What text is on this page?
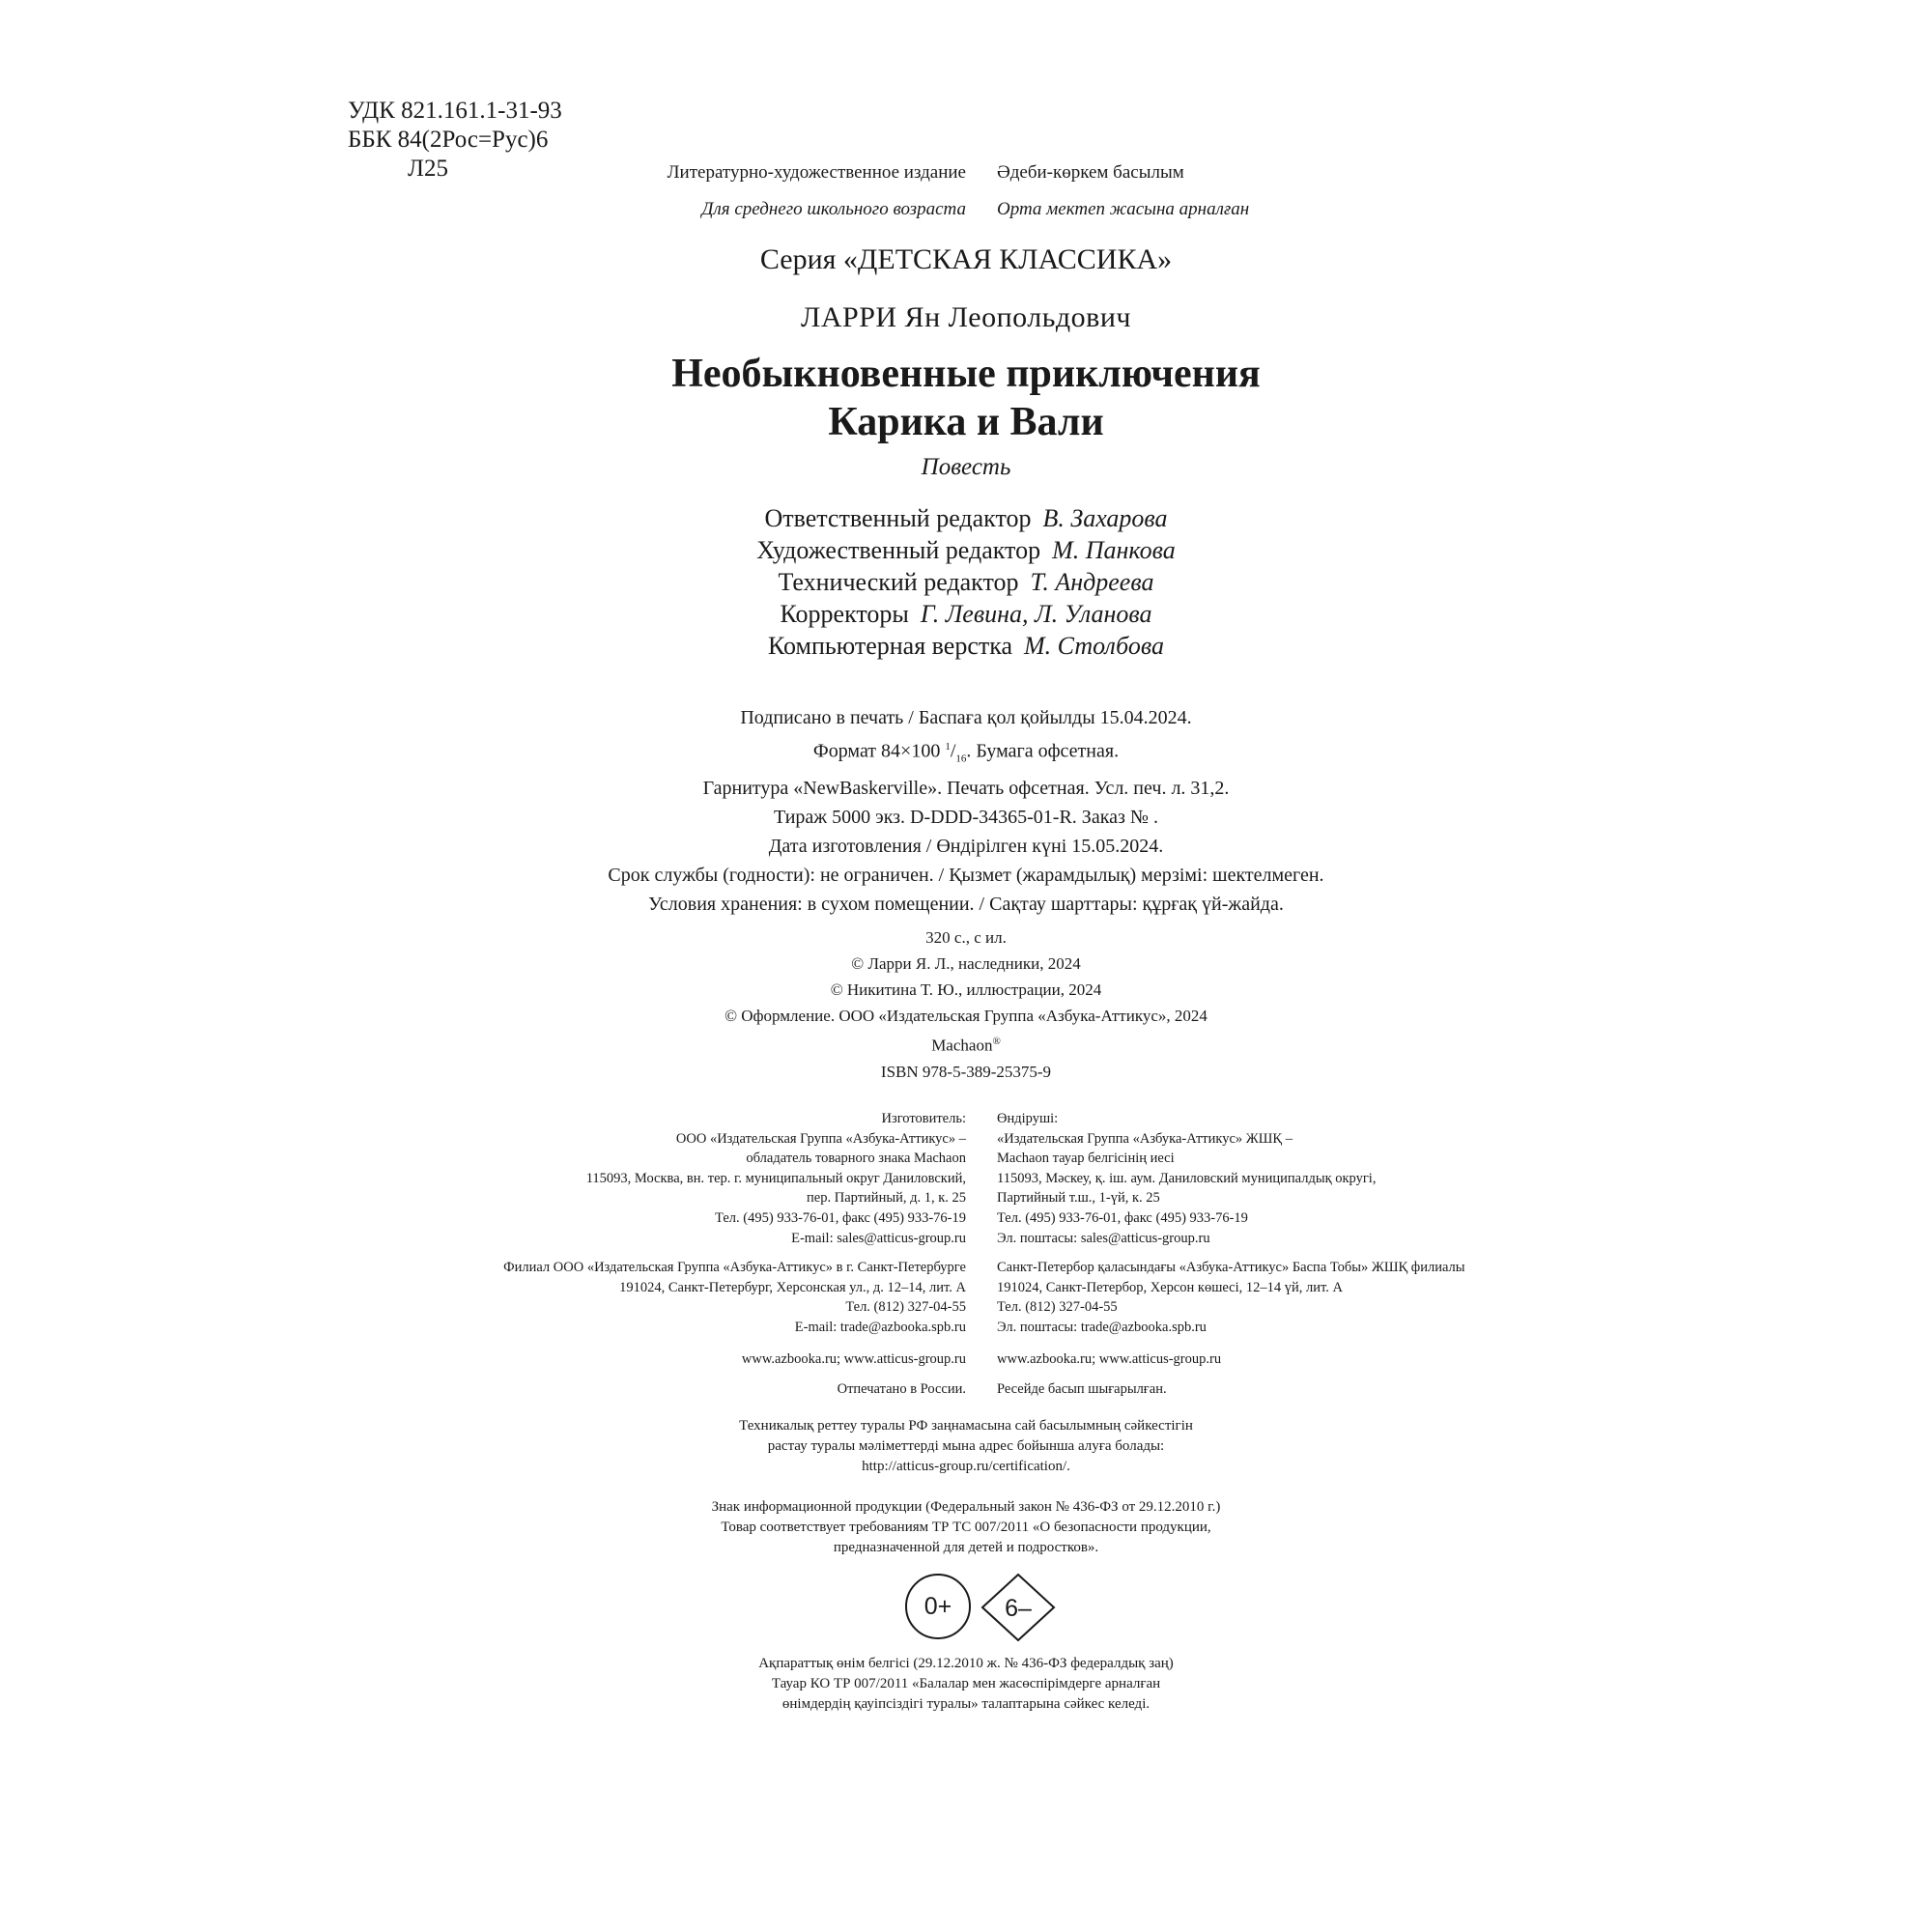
УДК 821.161.1-31-93
ББК 84(2Рос=Рус)6
Л25	Литературно-художественное издание Әдеби-көркем басылым
Для среднего школьного возраста Орта мектеп жасына арналған
Серия «ДЕТСКАЯ КЛАССИКА»
ЛАРРИ Ян Леопольдович
Необыкновенные приключения
Карика и Вали
Повесть
Ответственный редактор В. Захарова
Художественный редактор М. Панкова
Технический редактор Т. Андреева
Корректоры Г. Левина, Л. Уланова
Компьютерная верстка М. Столбова
Подписано в печать / Баспаға қол қойылды 15.04.2024.
Формат 84×100 $^1/_{16}$. Бумага офсетная.
Гарнитура «NewBaskerville». Печать офсетная. Усл. печ. л. 31,2.
Тираж 5000 экз. D-DDD-34365-01-R. Заказ № .
Дата изготовления / Өндірілген күні 15.05.2024.
Срок службы (годности): не ограничен. / Қызмет (жарамдылық) мерзімі: шектелмеген.
Условия хранения: в сухом помещении. / Сақтау шарттары: құрғақ үй-жайда.
320 с., с ил.
© Ларри Я. Л., наследники, 2024
© Никитина Т. Ю., иллюстрации, 2024
© Оформление. ООО «Издательская Группа «Азбука-Аттикус», 2024
Machaon®
ISBN 978-5-389-25375-9
Изготовитель:
ООО «Издательская Группа «Азбука-Аттикус» –
обладатель товарного знака Machaon
115093, Москва, вн. тер. г. муниципальный округ Даниловский,
пер. Партийный, д. 1, к. 25
Тел. (495) 933-76-01, факс (495) 933-76-19
E-mail: sales@atticus-group.ru
Өндіруші:
«Издательская Группа «Азбука-Аттикус» ЖШҚ –
Machaon тауар белгісінің иесі
115093, Мәскеу, қ. іш. аум. Даниловский муниципалдық округі,
Партийный т.ш., 1-үй, к. 25
Тел. (495) 933-76-01, факс (495) 933-76-19
Эл. поштасы: sales@atticus-group.ru
Филиал ООО «Издательская Группа «Азбука-Аттикус» в г. Санкт-Петербурге
191024, Санкт-Петербург, Херсонская ул., д. 12–14, лит. А
Тел. (812) 327-04-55
E-mail: trade@azbooka.spb.ru
Санкт-Петербор қаласындағы «Азбука-Аттикус» Баспа Тобы» ЖШҚ филиалы
191024, Санкт-Петербор, Херсон көшесі, 12–14 үй, лит. А
Тел. (812) 327-04-55
Эл. поштасы: trade@azbooka.spb.ru
www.azbooka.ru; www.atticus-group.ru www.azbooka.ru; www.atticus-group.ru
Отпечатано в России. Ресейде басып шығарылған.
Техникалық реттеу туралы РФ заңнамасына сай басылымның сәйкестігін
растау туралы мәліметтерді мына адрес бойынша алуға болады:
http://atticus-group.ru/certification/.
Знак информационной продукции (Федеральный закон № 436-ФЗ от 29.12.2010 г.)
Товар соответствует требованиям ТР ТС 007/2011 «О безопасности продукции,
предназначенной для детей и подростков».
0+	6–
Ақпараттық өнім белгісі (29.12.2010 ж. № 436-ФЗ федералдық заң)
Тауар КО ТР 007/2011 «Балалар мен жасөспірімдерге арналған
өнімдердің қауіпсіздігі туралы» талаптарына сәйкес келеді.
